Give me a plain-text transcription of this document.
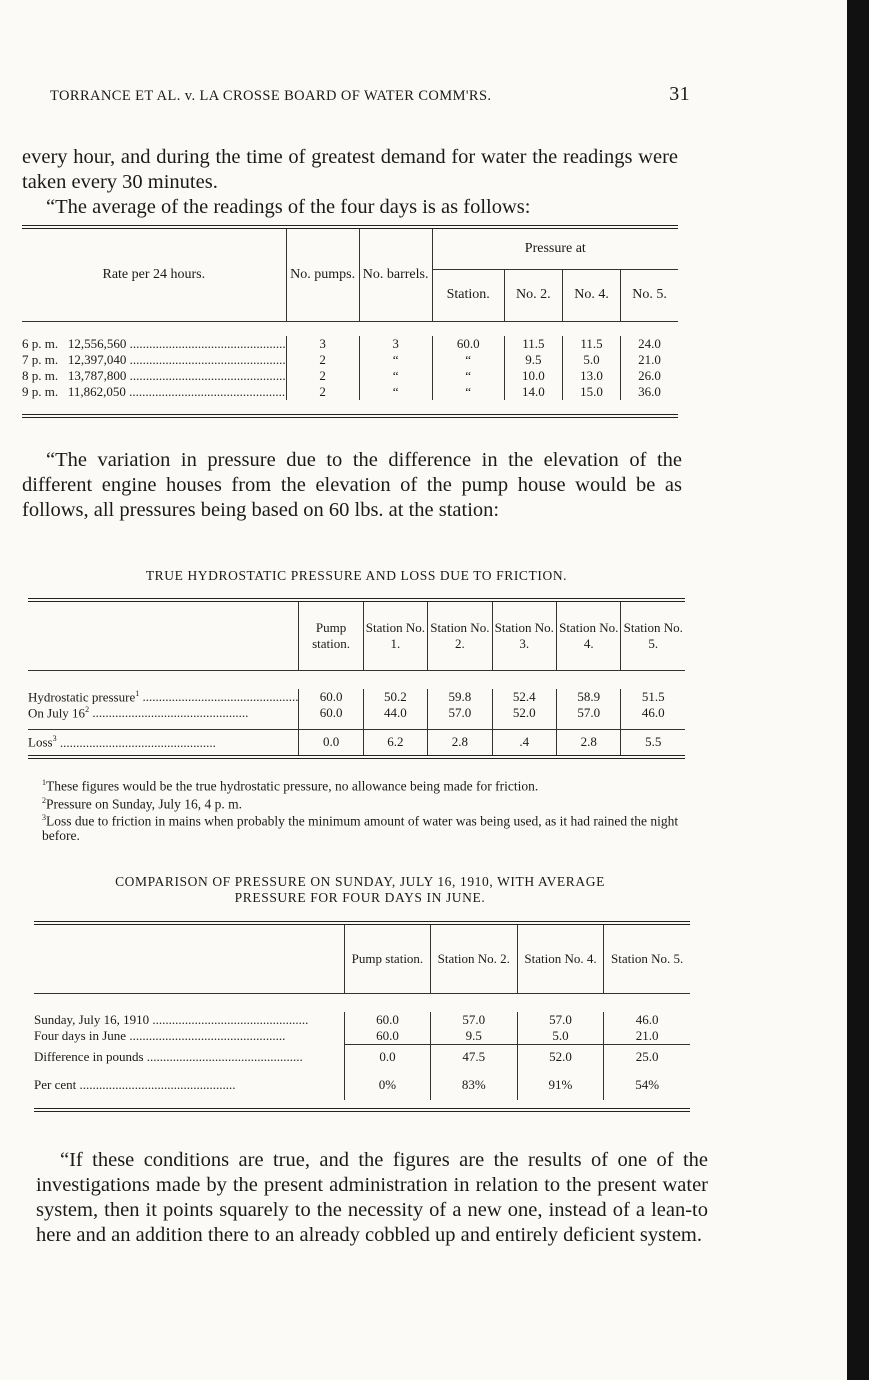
TORRANCE ET AL. v. LA CROSSE BOARD OF WATER COMM'RS.	31

every hour, and during the time of greatest demand for water the readings were taken every 30 minutes.

“The average of the readings of the four days is as follows:

Rate per 24 hours.	No. pumps.	No. barrels.	Pressure at			
			Station.	No. 2.	No. 4.	No. 5.

6 p. m. 12,556,560 .....	3	3	60.0	11.5	11.5	24.0
7 p. m. 12,397,040 .....	2	“	“	9.5	5.0	21.0
8 p. m. 13,787,800 .....	2	“	“	10.0	13.0	26.0
9 p. m. 11,862,050 .....	2	“	“	14.0	15.0	36.0

“The variation in pressure due to the difference in the elevation of the different engine houses from the elevation of the pump house would be as follows, all pressures being based on 60 lbs. at the station:

TRUE HYDROSTATIC PRESSURE AND LOSS DUE TO FRICTION.
	Pump station.	Station No. 1.	Station No. 2.	Station No. 3.	Station No. 4.	Station No. 5.

Hydrostatic pressure$^1$ .....	60.0	50.2	59.8	52.4	58.9	51.5
On July $16^2$ .....	60.0	44.0	57.0	52.0	57.0	46.0

Loss$^3$ .....	0.0	6.2	2.8	.4	2.8	5.5

$^1$These figures would be the true hydrostatic pressure, no allowance being made for friction.

$^2$Pressure on Sunday, July 16, 4 p. m.

$^3$Loss due to friction in mains when probably the minimum amount of water was being used, as it had rained the night before.

COMPARISON OF PRESSURE ON SUNDAY, JULY 16, 1910, WITH AVERAGE
PRESSURE FOR FOUR DAYS IN JUNE.
	Pump station.	Station No. 2.	Station No. 4.	Station No. 5.

Sunday, July 16, 1910 .....	60.0	57.0	57.0	46.0
Four days in June .....	60.0	9.5	5.0	21.0
Difference in pounds .....	0.0	47.5	52.0	25.0
Per cent .....	0%	83%	91%	54%

“If these conditions are true, and the figures are the results of one of the investigations made by the present administration in relation to the present water system, then it points squarely to the necessity of a new one, instead of a lean-to here and an addition there to an already cobbled up and entirely deficient system.
